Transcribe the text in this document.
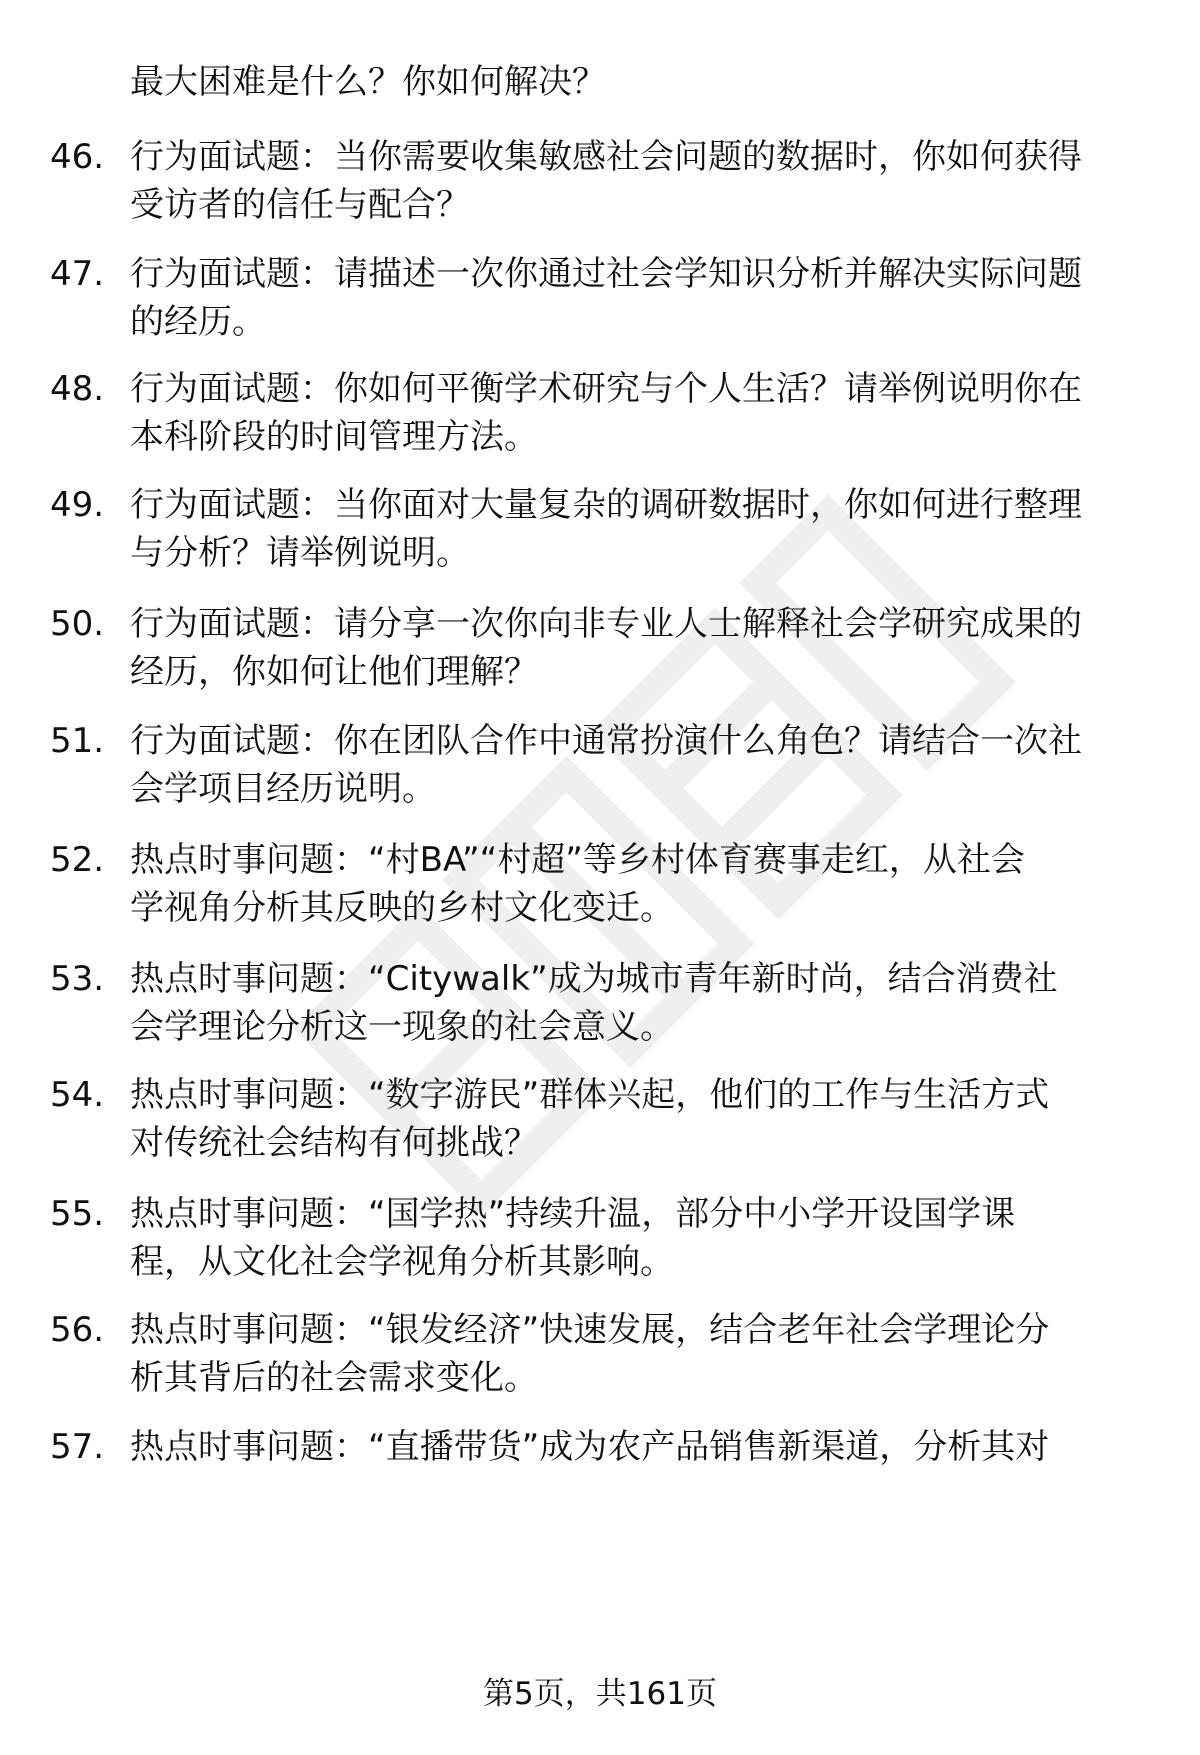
最大困难是什么？你如何解决？
46. 行为面试题：当你需要收集敏感社会问题的数据时，你如何获得
受访者的信任与配合？
47. 行为面试题：请描述一次你通过社会学知识分析并解决实际问题
的经历。
48. 行为面试题：你如何平衡学术研究与个人生活？请举例说明你在
本科阶段的时间管理方法。
49. 行为面试题：当你面对大量复杂的调研数据时，你如何进行整理
与分析？请举例说明。
50. 行为面试题：请分享一次你向非专业人士解释社会学研究成果的
经历，你如何让他们理解？
51. 行为面试题：你在团队合作中通常扮演什么角色？请结合一次社
会学项目经历说明。
52. 热点时事问题：“村BA”“村超”等乡村体育赛事走红，从社会
学视角分析其反映的乡村文化变迁。
53. 热点时事问题：“Citywalk”成为城市青年新时尚，结合消费社
会学理论分析这一现象的社会意义。
54. 热点时事问题：“数字游民”群体兴起，他们的工作与生活方式
对传统社会结构有何挑战？
55. 热点时事问题：“国学热”持续升温，部分中小学开设国学课
程，从文化社会学视角分析其影响。
56. 热点时事问题：“银发经济”快速发展，结合老年社会学理论分
析其背后的社会需求变化。
57. 热点时事问题：“直播带货”成为农产品销售新渠道，分析其对
第5页，共161页
